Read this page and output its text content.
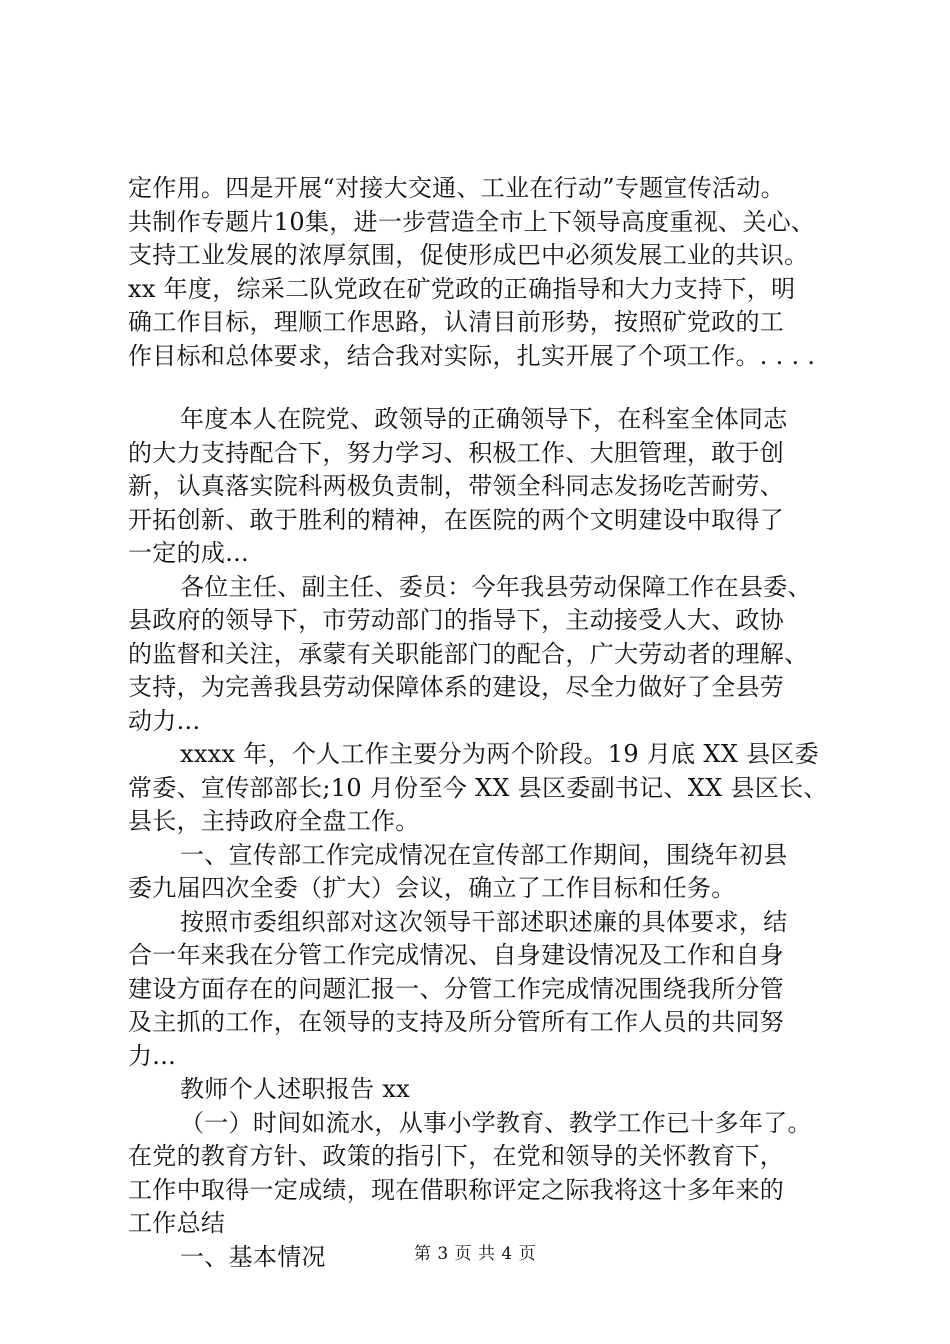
定作用。四是开展“对接大交通、工业在行动”专题宣传活动。
共制作专题片10集，进一步营造全市上下领导高度重视、关心、
支持工业发展的浓厚氛围，促使形成巴中必须发展工业的共识。
xx 年度，综采二队党政在矿党政的正确指导和大力支持下，明
确工作目标，理顺工作思路，认清目前形势，按照矿党政的工
作目标和总体要求，结合我对实际，扎实开展了个项工作。. . . .
年度本人在院党、政领导的正确领导下，在科室全体同志
的大力支持配合下，努力学习、积极工作、大胆管理，敢于创
新，认真落实院科两极负责制，带领全科同志发扬吃苦耐劳、
开拓创新、敢于胜利的精神，在医院的两个文明建设中取得了
一定的成...
各位主任、副主任、委员：今年我县劳动保障工作在县委、
县政府的领导下，市劳动部门的指导下，主动接受人大、政协
的监督和关注，承蒙有关职能部门的配合，广大劳动者的理解、
支持，为完善我县劳动保障体系的建设，尽全力做好了全县劳
动力...
xxxx 年，个人工作主要分为两个阶段。19 月底 XX 县区委
常委、宣传部部长;10 月份至今 XX 县区委副书记、XX 县区长、
县长，主持政府全盘工作。
一、宣传部工作完成情况在宣传部工作期间，围绕年初县
委九届四次全委（扩大）会议，确立了工作目标和任务。
按照市委组织部对这次领导干部述职述廉的具体要求，结
合一年来我在分管工作完成情况、自身建设情况及工作和自身
建设方面存在的问题汇报一、分管工作完成情况围绕我所分管
及主抓的工作，在领导的支持及所分管所有工作人员的共同努
力...
教师个人述职报告 xx
（一）时间如流水，从事小学教育、教学工作已十多年了。
在党的教育方针、政策的指引下，在党和领导的关怀教育下，
工作中取得一定成绩，现在借职称评定之际我将这十多年来的
工作总结
一、基本情况	第 3 页 共 4 页
